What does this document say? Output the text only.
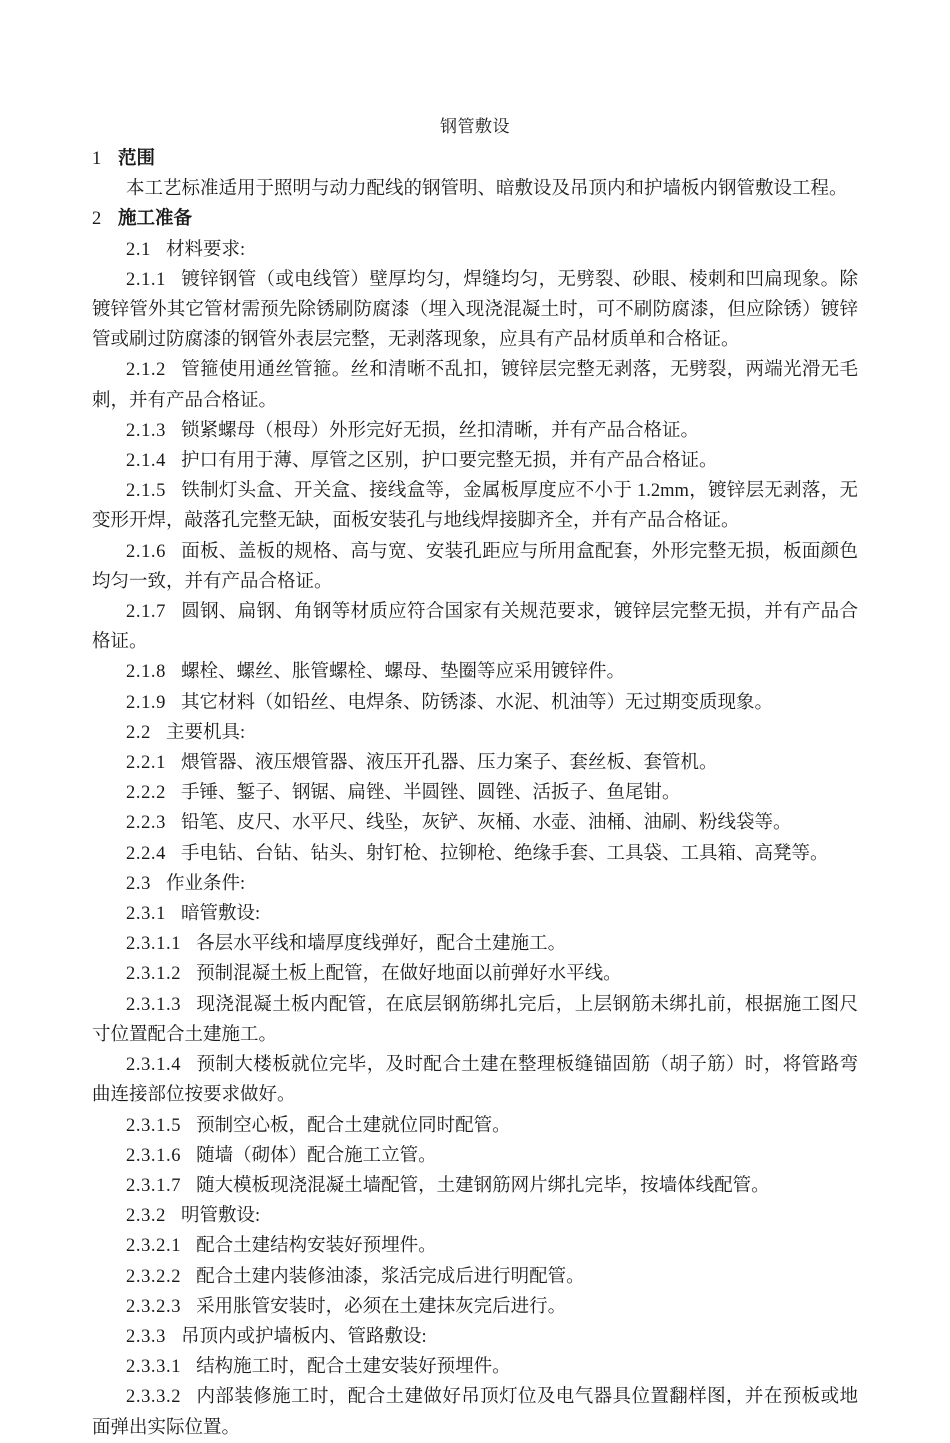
钢管敷设
1 范围
本工艺标准适用于照明与动力配线的钢管明、暗敷设及吊顶内和护墙板内钢管敷设工程。
2 施工准备
2.1 材料要求:
2.1.1 镀锌钢管（或电线管）壁厚均匀，焊缝均匀，无劈裂、砂眼、棱刺和凹扁现象。除镀锌管外其它管材需预先除锈刷防腐漆（埋入现浇混凝土时，可不刷防腐漆，但应除锈）镀锌管或刷过防腐漆的钢管外表层完整，无剥落现象，应具有产品材质单和合格证。
2.1.2 管箍使用通丝管箍。丝和清晰不乱扣，镀锌层完整无剥落，无劈裂，两端光滑无毛刺，并有产品合格证。
2.1.3 锁紧螺母（根母）外形完好无损，丝扣清晰，并有产品合格证。
2.1.4 护口有用于薄、厚管之区别，护口要完整无损，并有产品合格证。
2.1.5 铁制灯头盒、开关盒、接线盒等，金属板厚度应不小于 1.2mm，镀锌层无剥落，无变形开焊，敲落孔完整无缺，面板安装孔与地线焊接脚齐全，并有产品合格证。
2.1.6 面板、盖板的规格、高与宽、安装孔距应与所用盒配套，外形完整无损，板面颜色均匀一致，并有产品合格证。
2.1.7 圆钢、扁钢、角钢等材质应符合国家有关规范要求，镀锌层完整无损，并有产品合格证。
2.1.8 螺栓、螺丝、胀管螺栓、螺母、垫圈等应采用镀锌件。
2.1.9 其它材料（如铅丝、电焊条、防锈漆、水泥、机油等）无过期变质现象。
2.2 主要机具:
2.2.1 煨管器、液压煨管器、液压开孔器、压力案子、套丝板、套管机。
2.2.2 手锤、錾子、钢锯、扁锉、半圆锉、圆锉、活扳子、鱼尾钳。
2.2.3 铅笔、皮尺、水平尺、线坠，灰铲、灰桶、水壶、油桶、油刷、粉线袋等。
2.2.4 手电钻、台钻、钻头、射钉枪、拉铆枪、绝缘手套、工具袋、工具箱、高凳等。
2.3 作业条件:
2.3.1 暗管敷设:
2.3.1.1 各层水平线和墙厚度线弹好，配合土建施工。
2.3.1.2 预制混凝土板上配管，在做好地面以前弹好水平线。
2.3.1.3 现浇混凝土板内配管，在底层钢筋绑扎完后，上层钢筋未绑扎前，根据施工图尺寸位置配合土建施工。
2.3.1.4 预制大楼板就位完毕，及时配合土建在整理板缝锚固筋（胡子筋）时，将管路弯曲连接部位按要求做好。
2.3.1.5 预制空心板，配合土建就位同时配管。
2.3.1.6 随墙（砌体）配合施工立管。
2.3.1.7 随大模板现浇混凝土墙配管，土建钢筋网片绑扎完毕，按墙体线配管。
2.3.2 明管敷设:
2.3.2.1 配合土建结构安装好预埋件。
2.3.2.2 配合土建内装修油漆，浆活完成后进行明配管。
2.3.2.3 采用胀管安装时，必须在土建抹灰完后进行。
2.3.3 吊顶内或护墙板内、管路敷设:
2.3.3.1 结构施工时，配合土建安装好预埋件。
2.3.3.2 内部装修施工时，配合土建做好吊顶灯位及电气器具位置翻样图，并在预板或地面弹出实际位置。
